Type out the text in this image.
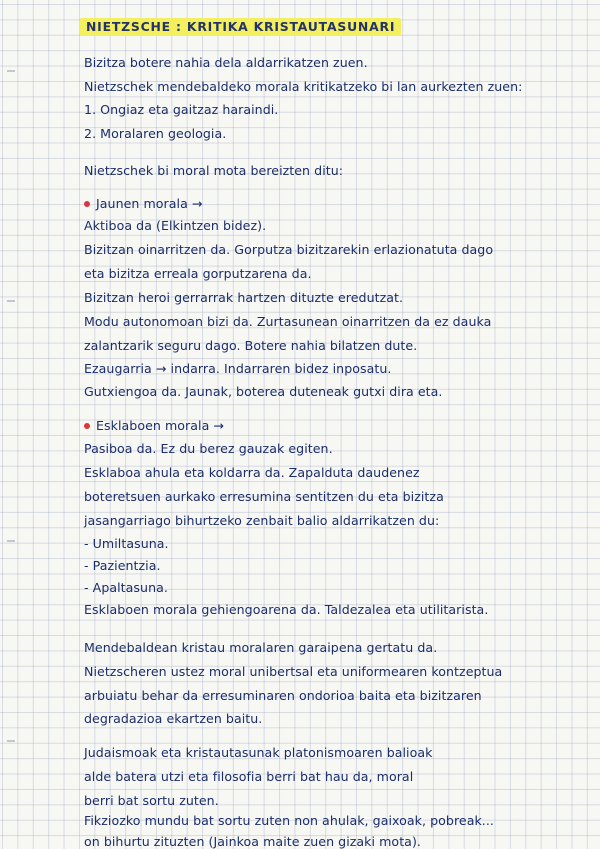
NIETZSCHE : KRITIKA KRISTAUTASUNARI
Bizitza botere nahia dela aldarrikatzen zuen.
Nietzschek mendebaldeko morala kritikatzeko bi lan aurkezten zuen:
1. Ongiaz eta gaitzaz haraindi.
2. Moralaren geologia.
Nietzschek bi moral mota bereizten ditu:
Jaunen morala →
Aktiboa da (Elkintzen bidez).
Bizitzan oinarritzen da. Gorputza bizitzarekin erlazionatuta dago
eta bizitza erreala gorputzarena da.
Bizitzan heroi gerrarrak hartzen dituzte eredutzat.
Modu autonomoan bizi da. Zurtasunean oinarritzen da ez dauka
zalantzarik seguru dago. Botere nahia bilatzen dute.
Ezaugarria → indarra. Indarraren bidez inposatu.
Gutxiengoa da. Jaunak, boterea duteneak gutxi dira eta.
Esklaboen morala →
Pasiboa da. Ez du berez gauzak egiten.
Esklaboa ahula eta koldarra da. Zapalduta daudenez
boteretsuen aurkako erresumina sentitzen du eta bizitza
jasangarriago bihurtzeko zenbait balio aldarrikatzen du:
- Umiltasuna.
- Pazientzia.
- Apaltasuna.
Esklaboen morala gehiengoarena da. Taldezalea eta utilitarista.
Mendebaldean kristau moralaren garaipena gertatu da.
Nietzscheren ustez moral unibertsal eta uniformearen kontzeptua
arbuiatu behar da erresuminaren ondorioa baita eta bizitzaren
degradazioa ekartzen baitu.
Judaismoak eta kristautasunak platonismoaren balioak
alde batera utzi eta filosofia berri bat hau da, moral
berri bat sortu zuten.
Fikziozko mundu bat sortu zuten non ahulak, gaixoak, pobreak...
on bihurtu zituzten (Jainkoa maite zuen gizaki mota).
